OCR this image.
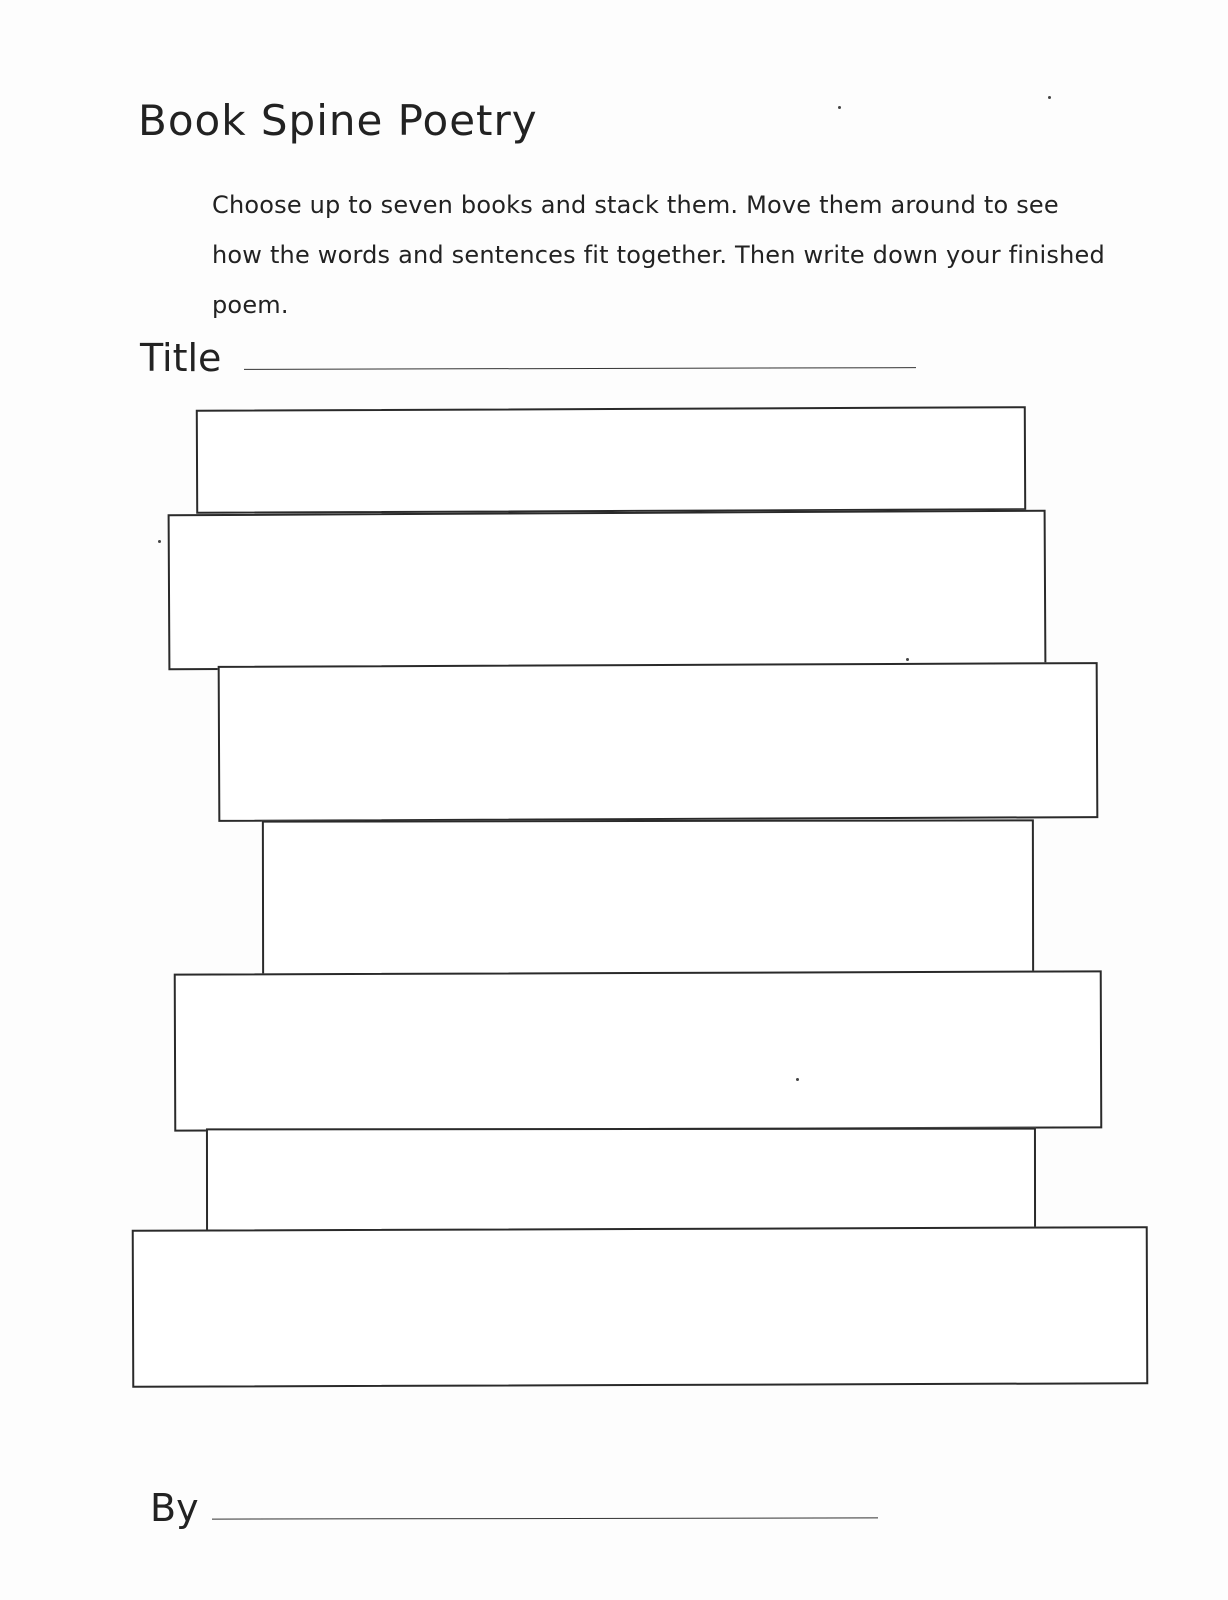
Book Spine Poetry
Choose up to seven books and stack them. Move them around to see how the words and sentences fit together. Then write down your finished poem.
Title
By
